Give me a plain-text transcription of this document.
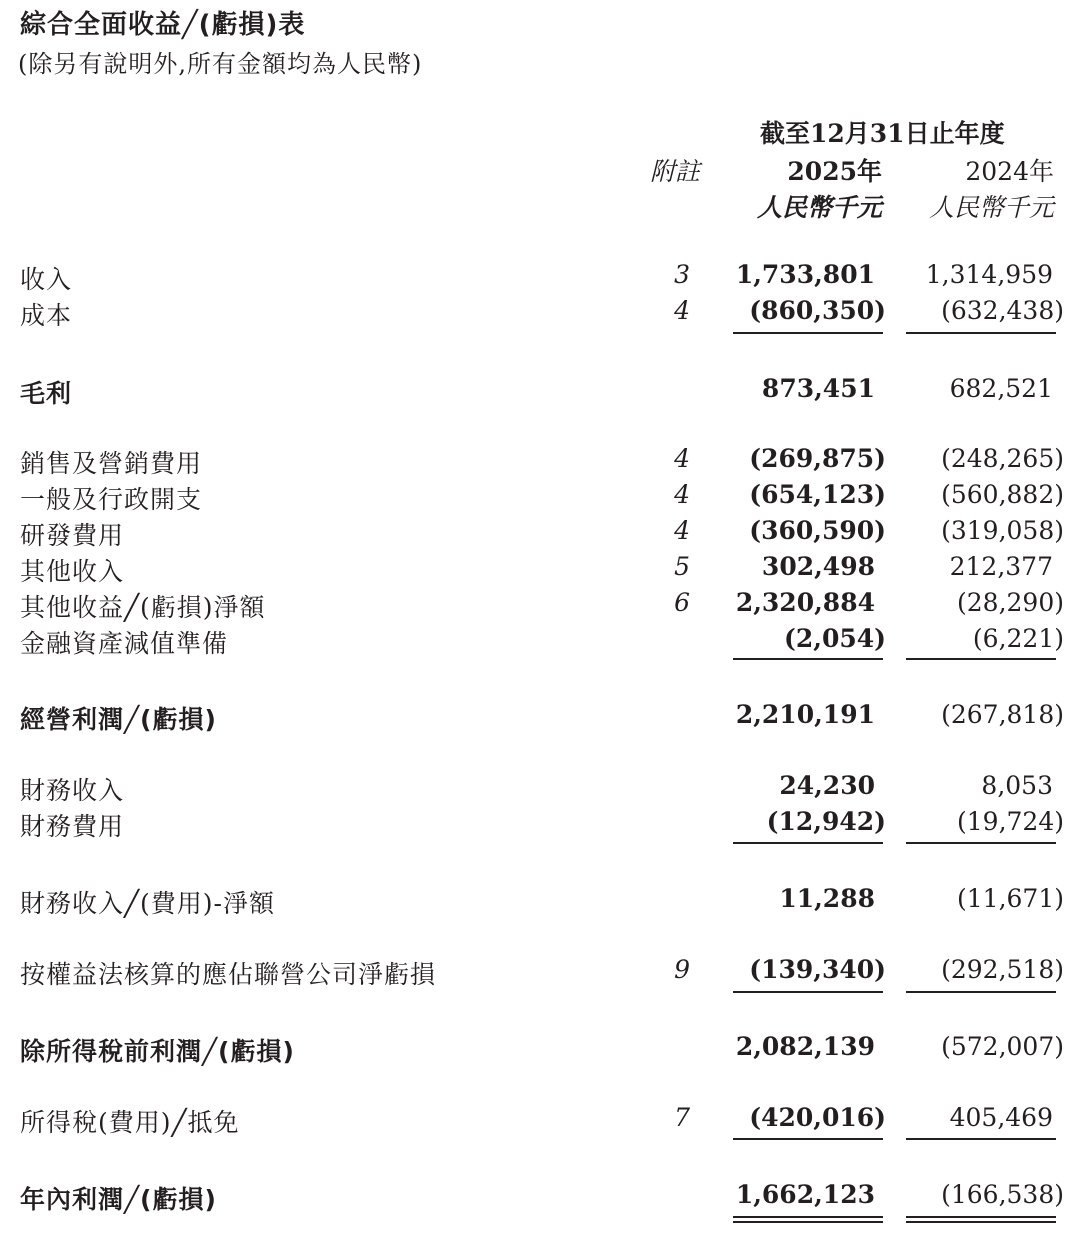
綜合全面收益╱(虧損)表
(除另有說明外,所有金額均為人民幣)
截至12月31日止年度
附註	2025年	2024年
人民幣千元 人民幣千元
收入	3 1,733,801 1,314,959
成本	4 (860,350) (632,438)
毛利	873,451	682,521
銷售及營銷費用	4 (269,875) (248,265)
一般及行政開支	4 (654,123) (560,882)
研發費用	4 (360,590) (319,058)
其他收入	5	302,498	212,377
其他收益╱(虧損)淨額	6 2,320,884	(28,290)
金融資產減值準備	(2,054)	(6,221)
經營利潤╱(虧損)	2,210,191	(267,818)
財務收入	24,230	8,053
財務費用	(12,942)	(19,724)
財務收入╱(費用)-淨額	11,288	(11,671)
按權益法核算的應佔聯營公司淨虧損	9 (139,340) (292,518)
除所得稅前利潤╱(虧損)	2,082,139	(572,007)
所得稅(費用)╱抵免	7 (420,016)	405,469
年內利潤╱(虧損)	1,662,123	(166,538)
